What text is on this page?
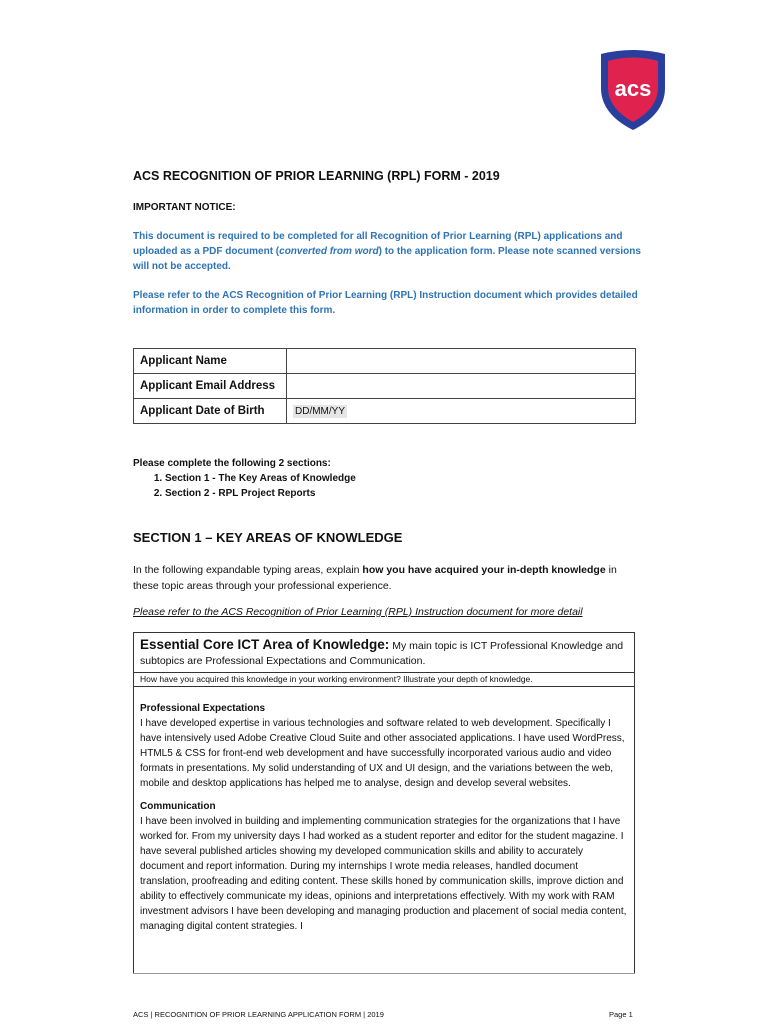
acs
ACS RECOGNITION OF PRIOR LEARNING (RPL) FORM - 2019
IMPORTANT NOTICE:
This document is required to be completed for all Recognition of Prior Learning (RPL) applications and uploaded as a PDF document (converted from word) to the application form. Please note scanned versions will not be accepted.
Please refer to the ACS Recognition of Prior Learning (RPL) Instruction document which provides detailed information in order to complete this form.
Applicant Name	
Applicant Email Address	
Applicant Date of Birth	DD/MM/YY
Please complete the following 2 sections:
1. Section 1 - The Key Areas of Knowledge
2. Section 2 - RPL Project Reports
SECTION 1 – KEY AREAS OF KNOWLEDGE
In the following expandable typing areas, explain how you have acquired your in-depth knowledge in these topic areas through your professional experience.
Please refer to the ACS Recognition of Prior Learning (RPL) Instruction document for more detail
Essential Core ICT Area of Knowledge: My main topic is ICT Professional Knowledge and subtopics are Professional Expectations and Communication.
How have you acquired this knowledge in your working environment? Illustrate your depth of knowledge.
Professional Expectations

I have developed expertise in various technologies and software related to web development. Specifically I have intensively used Adobe Creative Cloud Suite and other associated applications. I have used WordPress, HTML5 & CSS for front-end web development and have successfully incorporated various audio and video formats in presentations. My solid understanding of UX and UI design, and the variations between the web, mobile and desktop applications has helped me to analyse, design and develop several websites.

Communication

I have been involved in building and implementing communication strategies for the organizations that I have worked for. From my university days I had worked as a student reporter and editor for the student magazine. I have several published articles showing my developed communication skills and ability to accurately document and report information. During my internships I wrote media releases, handled document translation, proofreading and editing content. These skills honed by communication skills, improve diction and ability to effectively communicate my ideas, opinions and interpretations effectively. With my work with RAM investment advisors I have been developing and managing production and placement of social media content, managing digital content strategies. I

ACS | RECOGNITION OF PRIOR LEARNING APPLICATION FORM | 2019	Page 1
